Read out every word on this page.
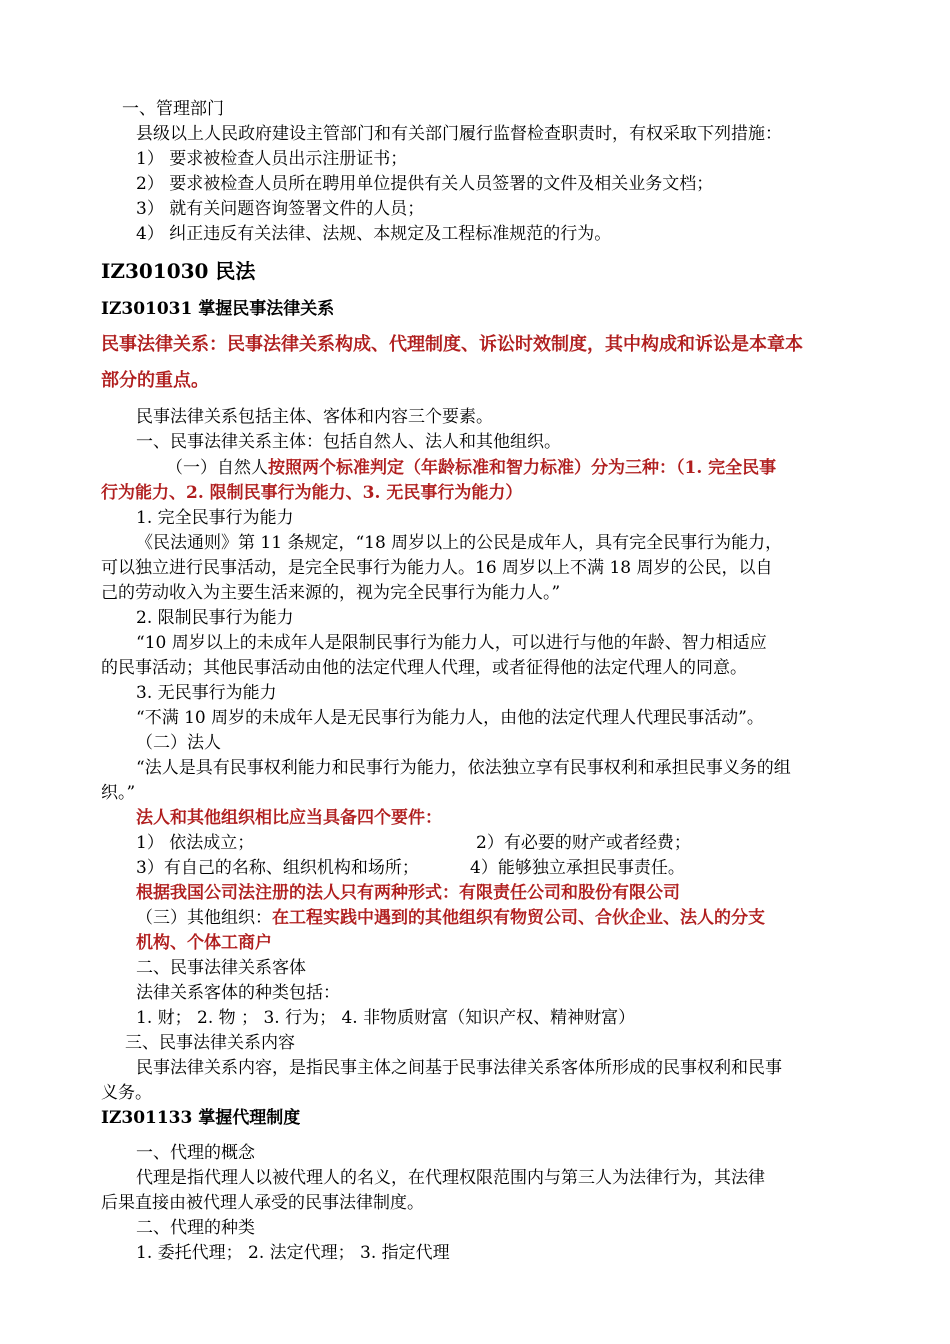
一、管理部门
县级以上人民政府建设主管部门和有关部门履行监督检查职责时，有权采取下列措施：
1） 要求被检查人员出示注册证书；
2） 要求被检查人员所在聘用单位提供有关人员签署的文件及相关业务文档；
3） 就有关问题咨询签署文件的人员；
4） 纠正违反有关法律、法规、本规定及工程标准规范的行为。
IZ301030 民法
IZ301031 掌握民事法律关系
民事法律关系：民事法律关系构成、代理制度、诉讼时效制度，其中构成和诉讼是本章本
部分的重点。
民事法律关系包括主体、客体和内容三个要素。
一、民事法律关系主体：包括自然人、法人和其他组织。
（一）自然人按照两个标准判定（年龄标准和智力标准）分为三种：（1. 完全民事
行为能力、2. 限制民事行为能力、3. 无民事行为能力）
1. 完全民事行为能力
《民法通则》第 11 条规定，“18 周岁以上的公民是成年人，具有完全民事行为能力，
可以独立进行民事活动，是完全民事行为能力人。16 周岁以上不满 18 周岁的公民，以自
己的劳动收入为主要生活来源的，视为完全民事行为能力人。”
2. 限制民事行为能力
“10 周岁以上的未成年人是限制民事行为能力人，可以进行与他的年龄、智力相适应
的民事活动；其他民事活动由他的法定代理人代理，或者征得他的法定代理人的同意。
3. 无民事行为能力
“不满 10 周岁的未成年人是无民事行为能力人，由他的法定代理人代理民事活动”。
（二）法人
“法人是具有民事权利能力和民事行为能力，依法独立享有民事权利和承担民事义务的组
织。”
法人和其他组织相比应当具备四个要件：
1） 依法成立；	2）有必要的财产或者经费；
3）有自己的名称、组织机构和场所；	4）能够独立承担民事责任。
根据我国公司法注册的法人只有两种形式：有限责任公司和股份有限公司
（三）其他组织：在工程实践中遇到的其他组织有物贸公司、合伙企业、法人的分支
机构、个体工商户
二、民事法律关系客体
法律关系客体的种类包括：
1. 财； 2. 物 ； 3. 行为； 4. 非物质财富（知识产权、精神财富）
三、民事法律关系内容
民事法律关系内容，是指民事主体之间基于民事法律关系客体所形成的民事权利和民事
义务。
IZ301133 掌握代理制度
一、代理的概念
代理是指代理人以被代理人的名义，在代理权限范围内与第三人为法律行为，其法律
后果直接由被代理人承受的民事法律制度。
二、代理的种类
1. 委托代理； 2. 法定代理； 3. 指定代理
